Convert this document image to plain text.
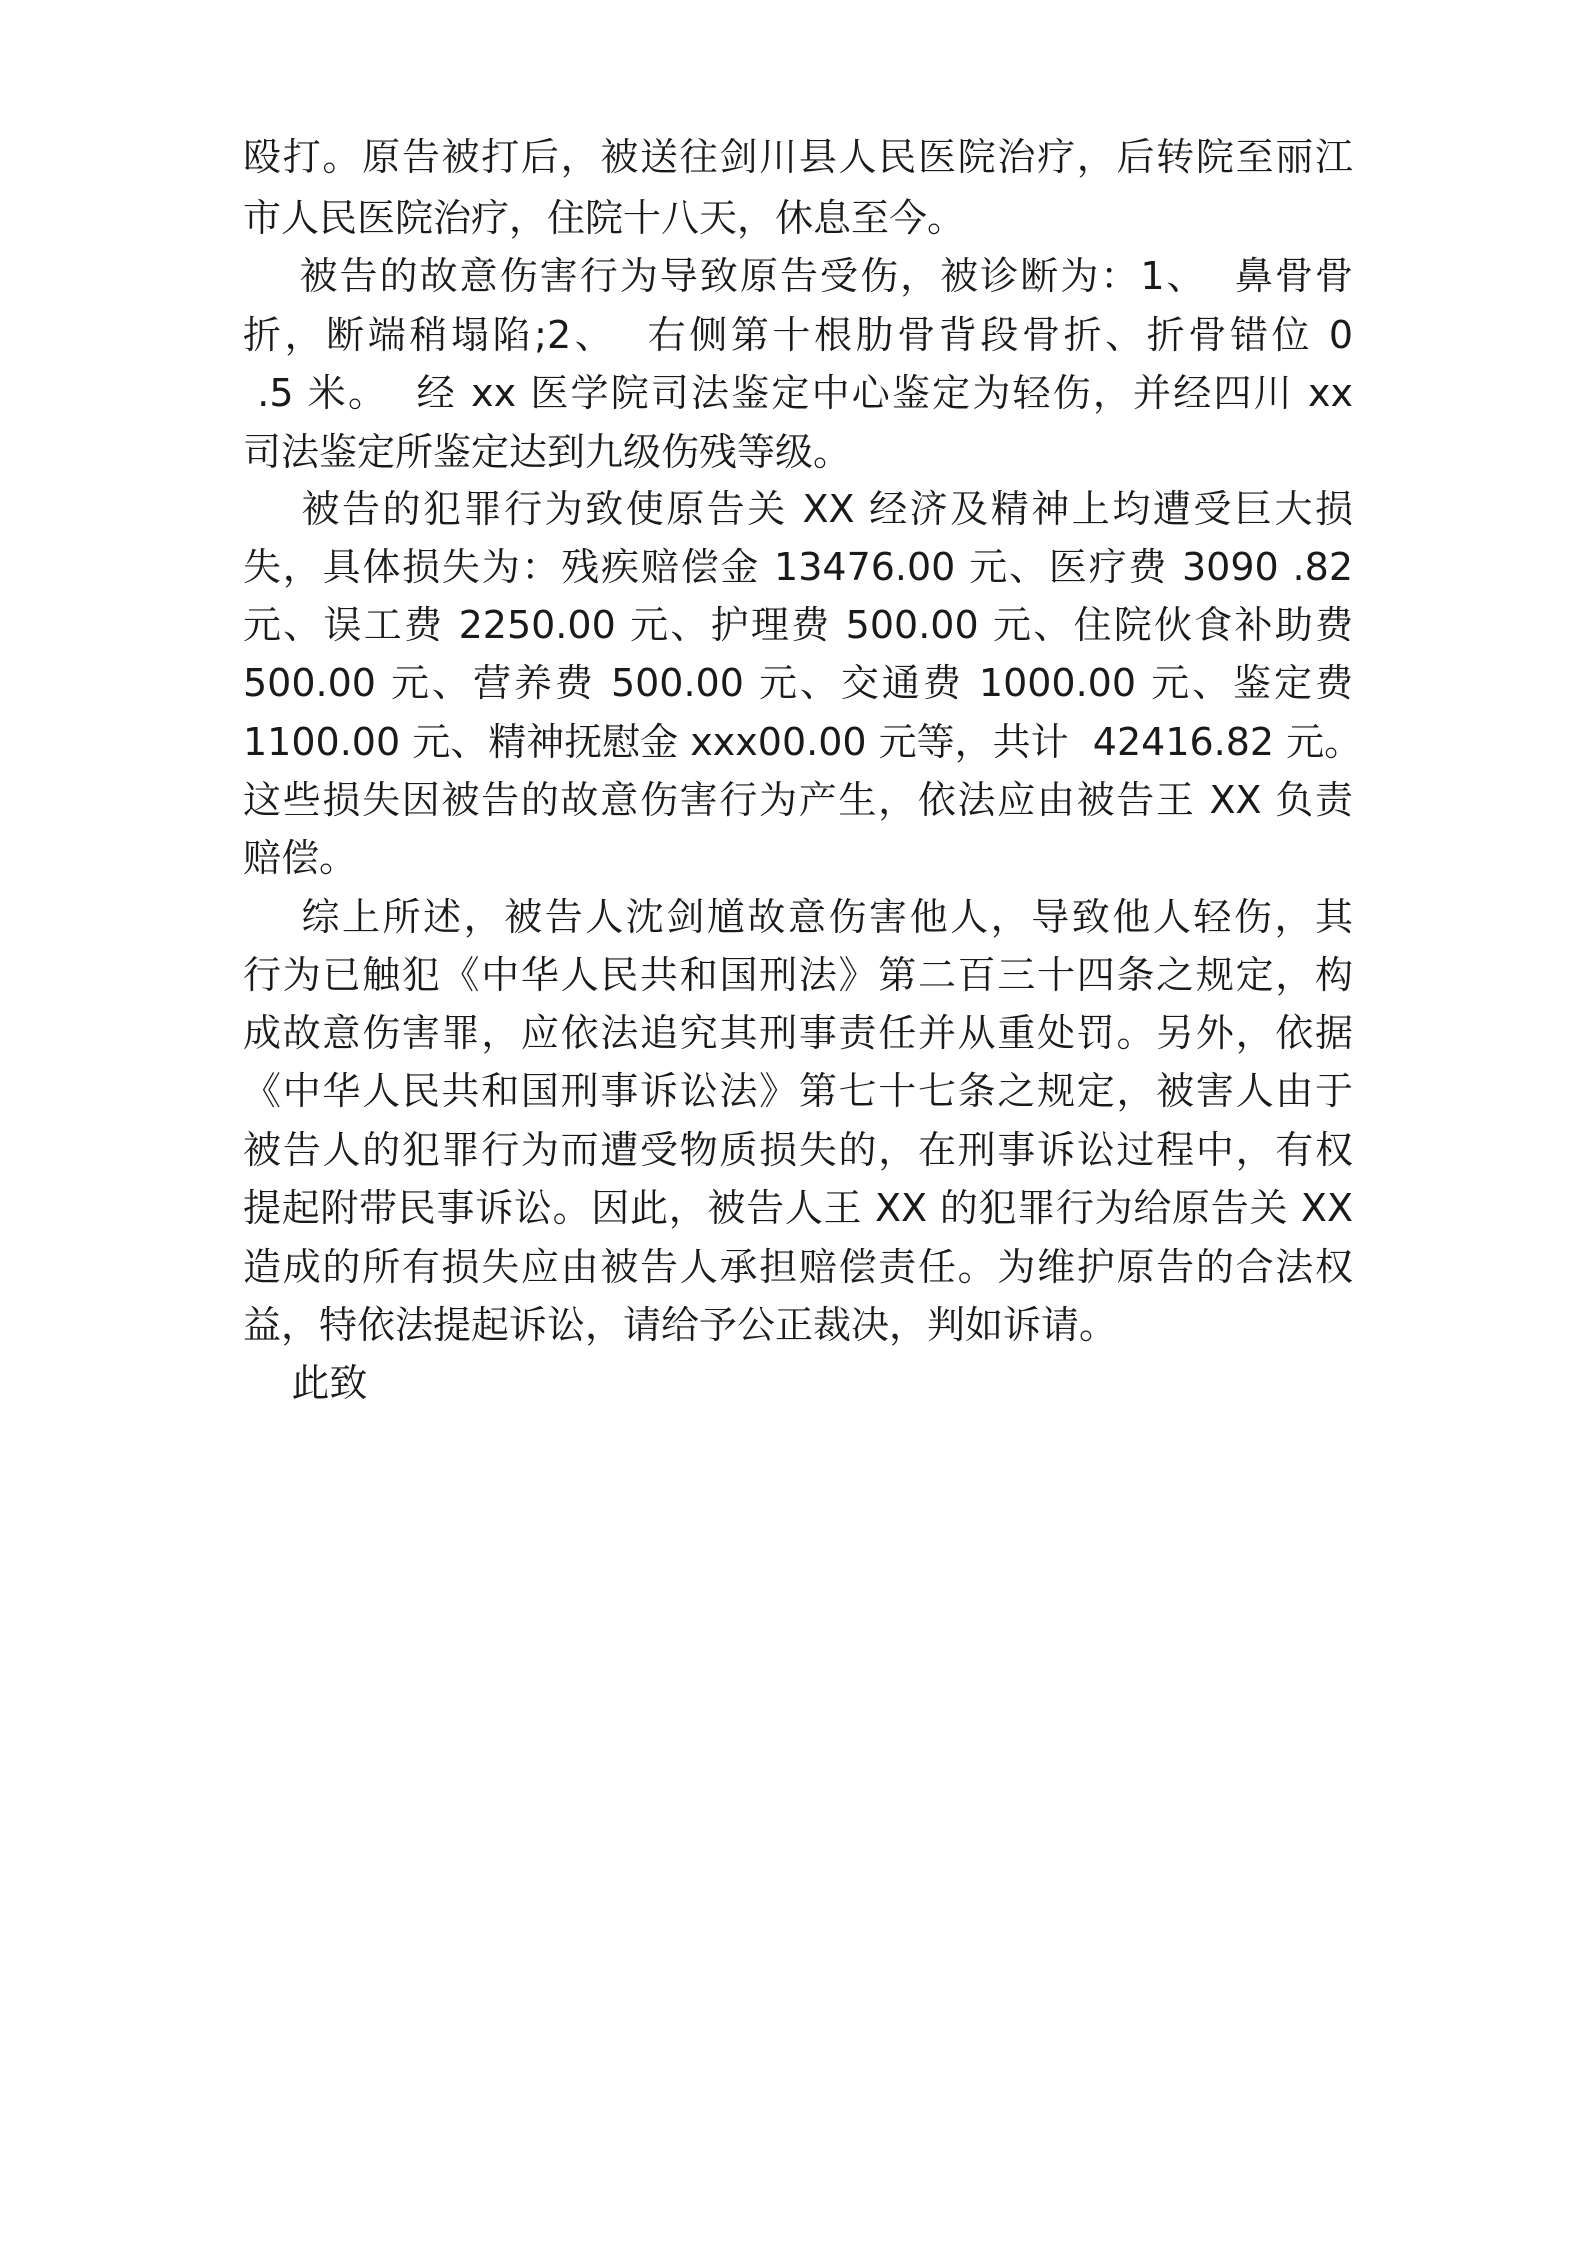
殴打。原告被打后，被送往剑川县人民医院治疗，后转院至丽江

市人民医院治疗，住院十八天，休息至今。

被告的故意伤害行为导致原告受伤，被诊断为：1、  鼻骨骨

折，断端稍塌陷;2、  右侧第十根肋骨背段骨折、折骨错位 0

.5 米。  经 xx 医学院司法鉴定中心鉴定为轻伤，并经四川 xx

司法鉴定所鉴定达到九级伤残等级。

被告的犯罪行为致使原告关 XX 经济及精神上均遭受巨大损

失，具体损失为：残疾赔偿金 13476.00 元、医疗费 3090 .82

元、误工费 2250.00 元、护理费 500.00 元、住院伙食补助费

500.00 元、营养费 500.00 元、交通费 1000.00 元、鉴定费

1100.00 元、精神抚慰金 xxx00.00 元等，共计  42416.82 元。

这些损失因被告的故意伤害行为产生，依法应由被告王 XX 负责

赔偿。

综上所述，被告人沈剑馗故意伤害他人，导致他人轻伤，其

行为已触犯《中华人民共和国刑法》第二百三十四条之规定，构

成故意伤害罪，应依法追究其刑事责任并从重处罚。另外，依据

《中华人民共和国刑事诉讼法》第七十七条之规定，被害人由于

被告人的犯罪行为而遭受物质损失的，在刑事诉讼过程中，有权

提起附带民事诉讼。因此，被告人王 XX 的犯罪行为给原告关 XX

造成的所有损失应由被告人承担赔偿责任。为维护原告的合法权

益，特依法提起诉讼，请给予公正裁决，判如诉请。

此致
